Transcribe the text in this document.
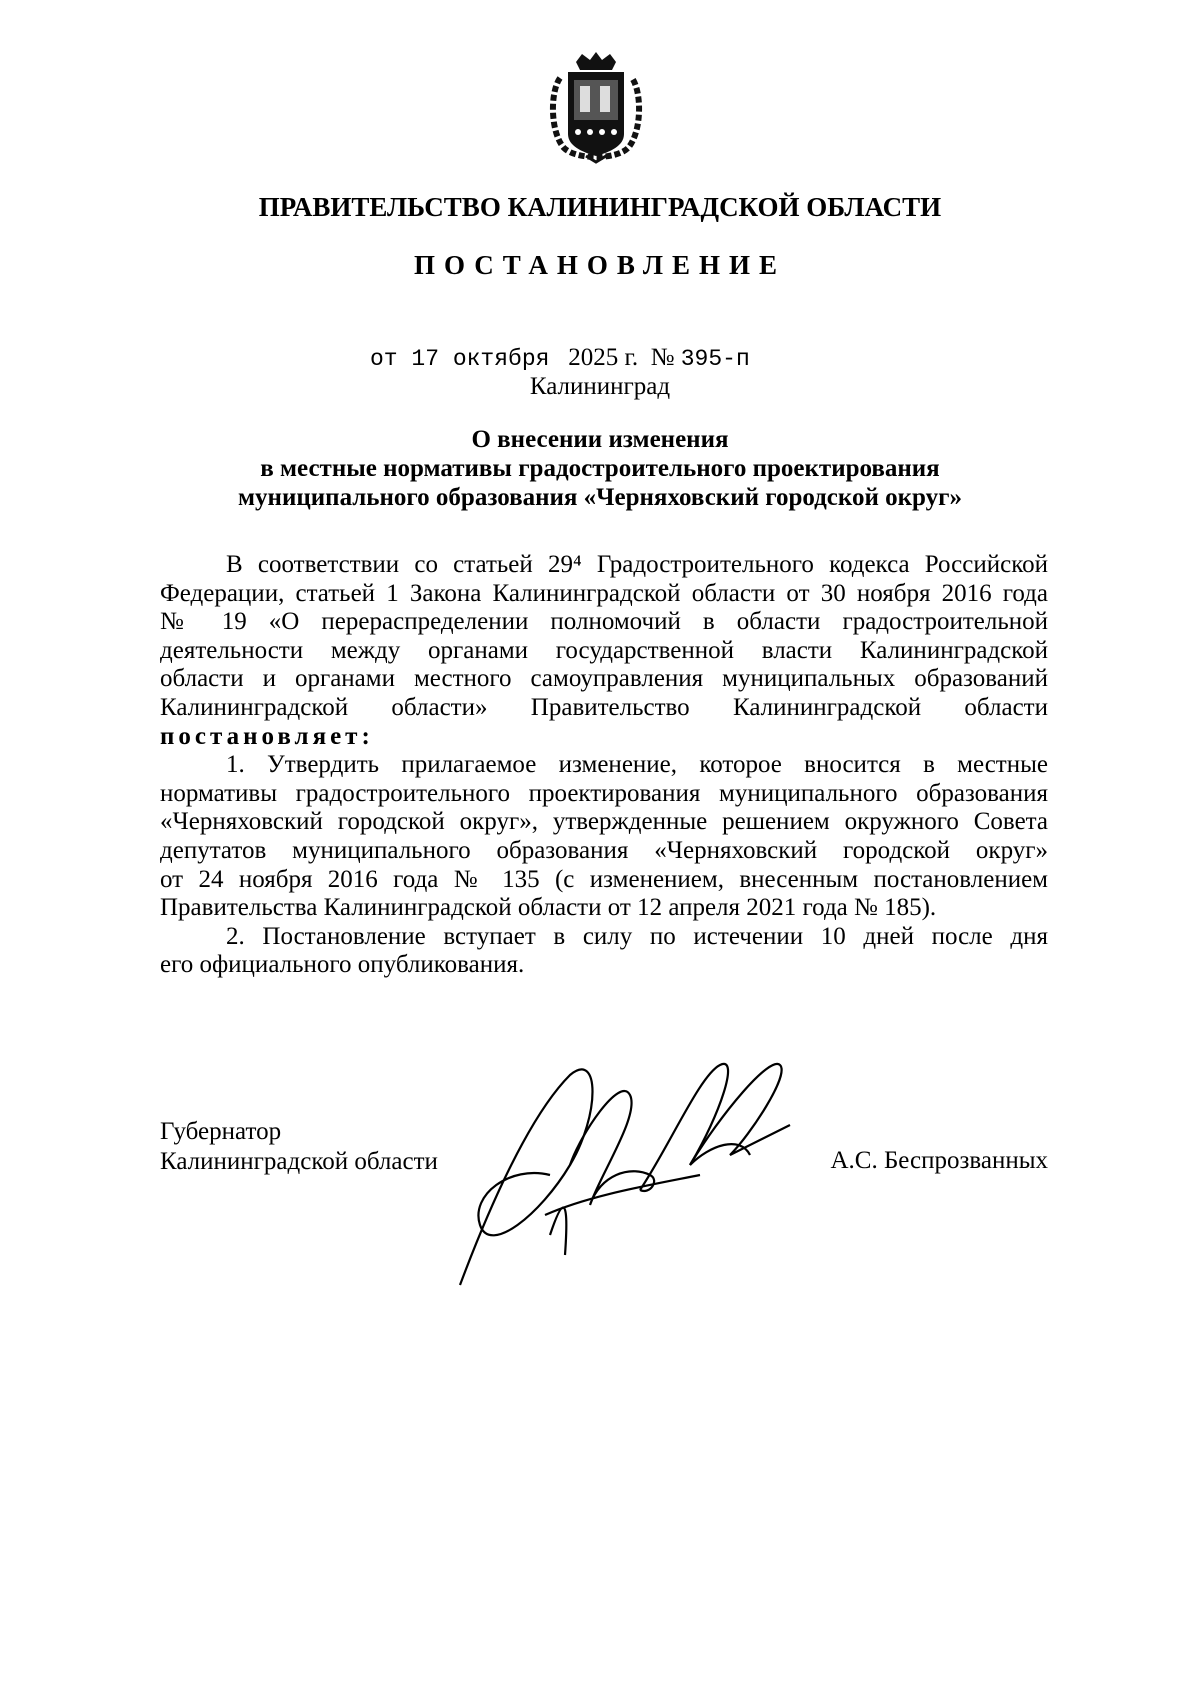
ПРАВИТЕЛЬСТВО КАЛИНИНГРАДСКОЙ ОБЛАСТИ
ПОСТАНОВЛЕНИЕ
от 17 октября 2025 г. № 395-п
Калининград
О внесении изменения
в местные нормативы градостроительного проектирования
муниципального образования «Черняховский городской округ»
В соответствии со статьей 29⁴ Градостроительного кодекса Российской
Федерации, статьей 1 Закона Калининградской области от 30 ноября 2016 года
№ 19 «О перераспределении полномочий в области градостроительной
деятельности между органами государственной власти Калининградской
области и органами местного самоуправления муниципальных образований
Калининградской области» Правительство Калининградской области
постановляет:
1. Утвердить прилагаемое изменение, которое вносится в местные
нормативы градостроительного проектирования муниципального образования
«Черняховский городской округ», утвержденные решением окружного Совета
депутатов муниципального образования «Черняховский городской округ»
от 24 ноября 2016 года № 135 (с изменением, внесенным постановлением
Правительства Калининградской области от 12 апреля 2021 года № 185).
2. Постановление вступает в силу по истечении 10 дней после дня
его официального опубликования.
Губернатор
Калининградской области	А.С. Беспрозванных
